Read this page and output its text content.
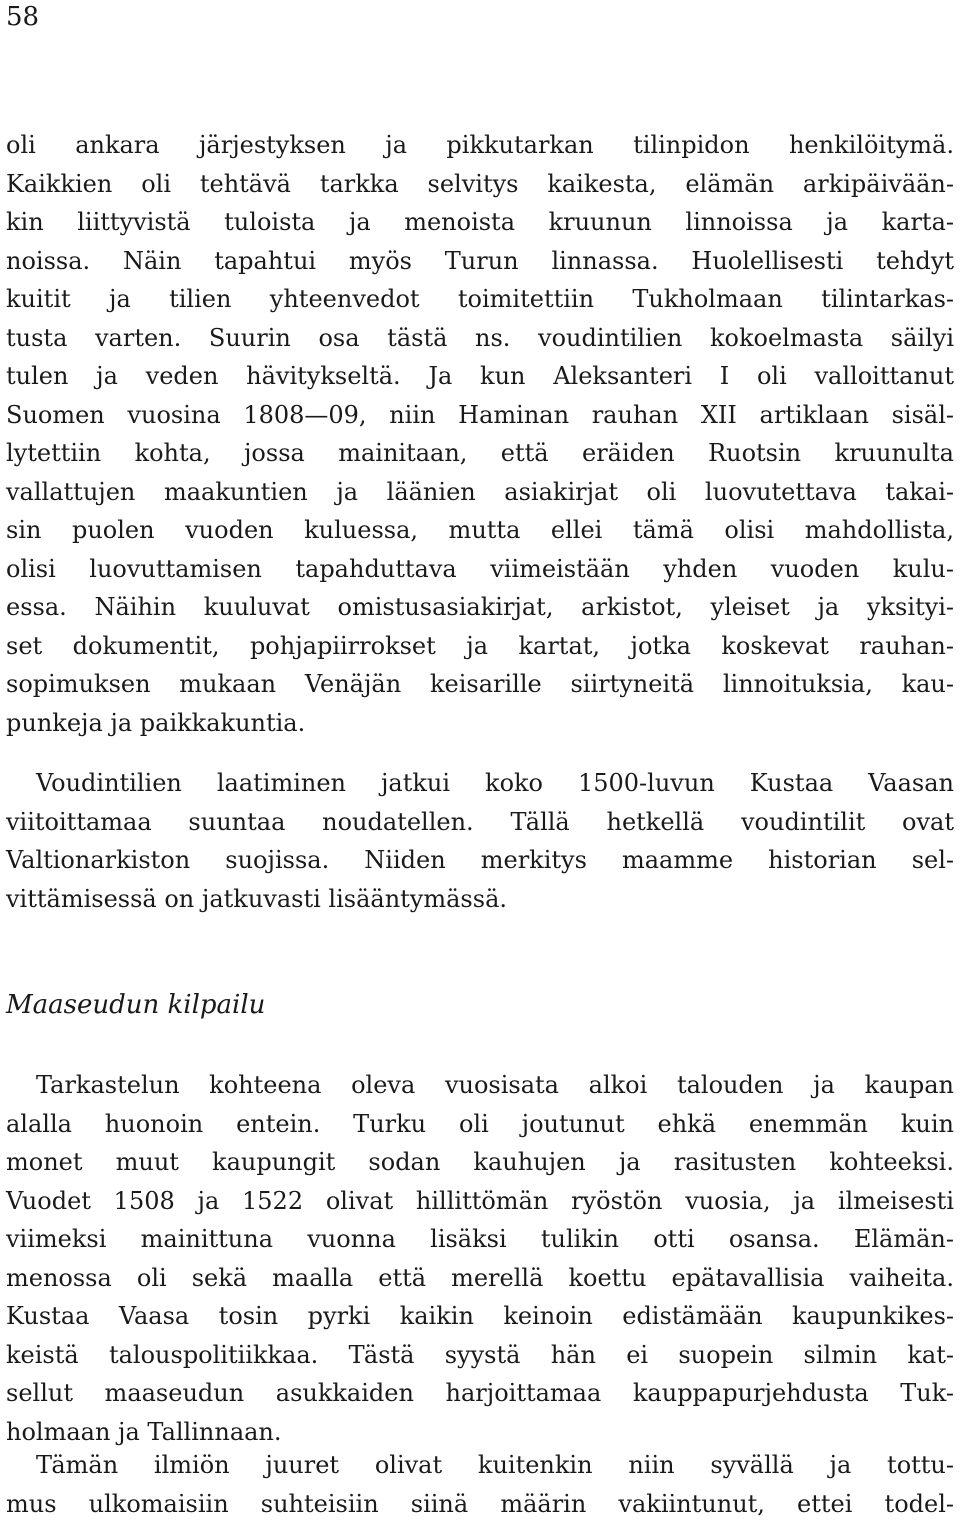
58
oli ankara järjestyksen ja pikkutarkan tilinpidon henkilöitymä.
Kaikkien oli tehtävä tarkka selvitys kaikesta, elämän arkipäivään-
kin liittyvistä tuloista ja menoista kruunun linnoissa ja karta-
noissa. Näin tapahtui myös Turun linnassa. Huolellisesti tehdyt
kuitit ja tilien yhteenvedot toimitettiin Tukholmaan tilintarkas-
tusta varten. Suurin osa tästä ns. voudintilien kokoelmasta säilyi
tulen ja veden hävitykseltä. Ja kun Aleksanteri I oli valloittanut
Suomen vuosina 1808—09, niin Haminan rauhan XII artiklaan sisäl-
lytettiin kohta, jossa mainitaan, että eräiden Ruotsin kruunulta
vallattujen maakuntien ja läänien asiakirjat oli luovutettava takai-
sin puolen vuoden kuluessa, mutta ellei tämä olisi mahdollista,
olisi luovuttamisen tapahduttava viimeistään yhden vuoden kulu-
essa. Näihin kuuluvat omistusasiakirjat, arkistot, yleiset ja yksityi-
set dokumentit, pohjapiirrokset ja kartat, jotka koskevat rauhan-
sopimuksen mukaan Venäjän keisarille siirtyneitä linnoituksia, kau-
punkeja ja paikkakuntia.
Voudintilien laatiminen jatkui koko 1500-luvun Kustaa Vaasan
viitoittamaa suuntaa noudatellen. Tällä hetkellä voudintilit ovat
Valtionarkiston suojissa. Niiden merkitys maamme historian sel-
vittämisessä on jatkuvasti lisääntymässä.
Maaseudun kilpailu
Tarkastelun kohteena oleva vuosisata alkoi talouden ja kaupan
alalla huonoin entein. Turku oli joutunut ehkä enemmän kuin
monet muut kaupungit sodan kauhujen ja rasitusten kohteeksi.
Vuodet 1508 ja 1522 olivat hillittömän ryöstön vuosia, ja ilmeisesti
viimeksi mainittuna vuonna lisäksi tulikin otti osansa. Elämän-
menossa oli sekä maalla että merellä koettu epätavallisia vaiheita.
Kustaa Vaasa tosin pyrki kaikin keinoin edistämään kaupunkikes-
keistä talouspolitiikkaa. Tästä syystä hän ei suopein silmin kat-
sellut maaseudun asukkaiden harjoittamaa kauppapurjehdusta Tuk-
holmaan ja Tallinnaan.
Tämän ilmiön juuret olivat kuitenkin niin syvällä ja tottu-
mus ulkomaisiin suhteisiin siinä määrin vakiintunut, ettei todel-
